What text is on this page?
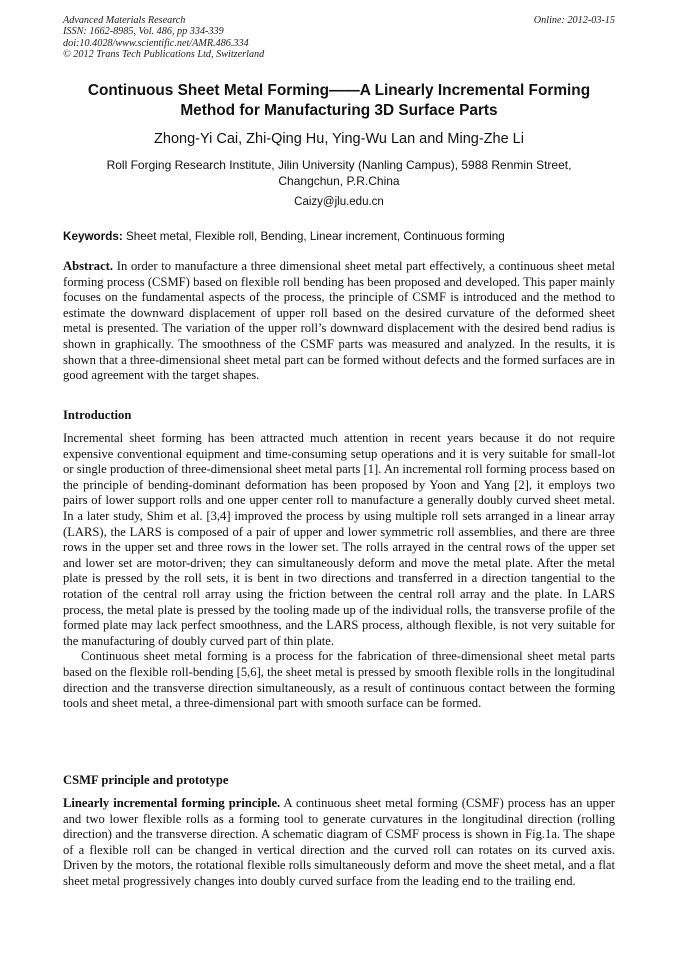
Advanced Materials Research
ISSN: 1662-8985, Vol. 486, pp 334-339
doi:10.4028/www.scientific.net/AMR.486.334
© 2012 Trans Tech Publications Ltd, Switzerland
Online: 2012-03-15
Continuous Sheet Metal Forming——A Linearly Incremental Forming
Method for Manufacturing 3D Surface Parts
Zhong-Yi Cai, Zhi-Qing Hu, Ying-Wu Lan and Ming-Zhe Li
Roll Forging Research Institute, Jilin University (Nanling Campus), 5988 Renmin Street,
Changchun, P.R.China
Caizy@jlu.edu.cn
Keywords: Sheet metal, Flexible roll, Bending, Linear increment, Continuous forming
Abstract. In order to manufacture a three dimensional sheet metal part effectively, a continuous sheet metal forming process (CSMF) based on flexible roll bending has been proposed and developed. This paper mainly focuses on the fundamental aspects of the process, the principle of CSMF is introduced and the method to estimate the downward displacement of upper roll based on the desired curvature of the deformed sheet metal is presented. The variation of the upper roll’s downward displacement with the desired bend radius is shown in graphically. The smoothness of the CSMF parts was measured and analyzed. In the results, it is shown that a three-dimensional sheet metal part can be formed without defects and the formed surfaces are in good agreement with the target shapes.
Introduction

Incremental sheet forming has been attracted much attention in recent years because it do not require expensive conventional equipment and time-consuming setup operations and it is very suitable for small-lot or single production of three-dimensional sheet metal parts [1]. An incremental roll forming process based on the principle of bending-dominant deformation has been proposed by Yoon and Yang [2], it employs two pairs of lower support rolls and one upper center roll to manufacture a generally doubly curved sheet metal. In a later study, Shim et al. [3,4] improved the process by using multiple roll sets arranged in a linear array (LARS), the LARS is composed of a pair of upper and lower symmetric roll assemblies, and there are three rows in the upper set and three rows in the lower set. The rolls arrayed in the central rows of the upper set and lower set are motor-driven; they can simultaneously deform and move the metal plate. After the metal plate is pressed by the roll sets, it is bent in two directions and transferred in a direction tangential to the rotation of the central roll array using the friction between the central roll array and the plate. In LARS process, the metal plate is pressed by the tooling made up of the individual rolls, the transverse profile of the formed plate may lack perfect smoothness, and the LARS process, although flexible, is not very suitable for the manufacturing of doubly curved part of thin plate.

Continuous sheet metal forming is a process for the fabrication of three-dimensional sheet metal parts based on the flexible roll-bending [5,6], the sheet metal is pressed by smooth flexible rolls in the longitudinal direction and the transverse direction simultaneously, as a result of continuous contact between the forming tools and sheet metal, a three-dimensional part with smooth surface can be formed.

CSMF principle and prototype
Linearly incremental forming principle. A continuous sheet metal forming (CSMF) process has an upper and two lower flexible rolls as a forming tool to generate curvatures in the longitudinal direction (rolling direction) and the transverse direction. A schematic diagram of CSMF process is shown in Fig.1a. The shape of a flexible roll can be changed in vertical direction and the curved roll can rotates on its curved axis. Driven by the motors, the rotational flexible rolls simultaneously deform and move the sheet metal, and a flat sheet metal progressively changes into doubly curved surface from the leading end to the trailing end.
